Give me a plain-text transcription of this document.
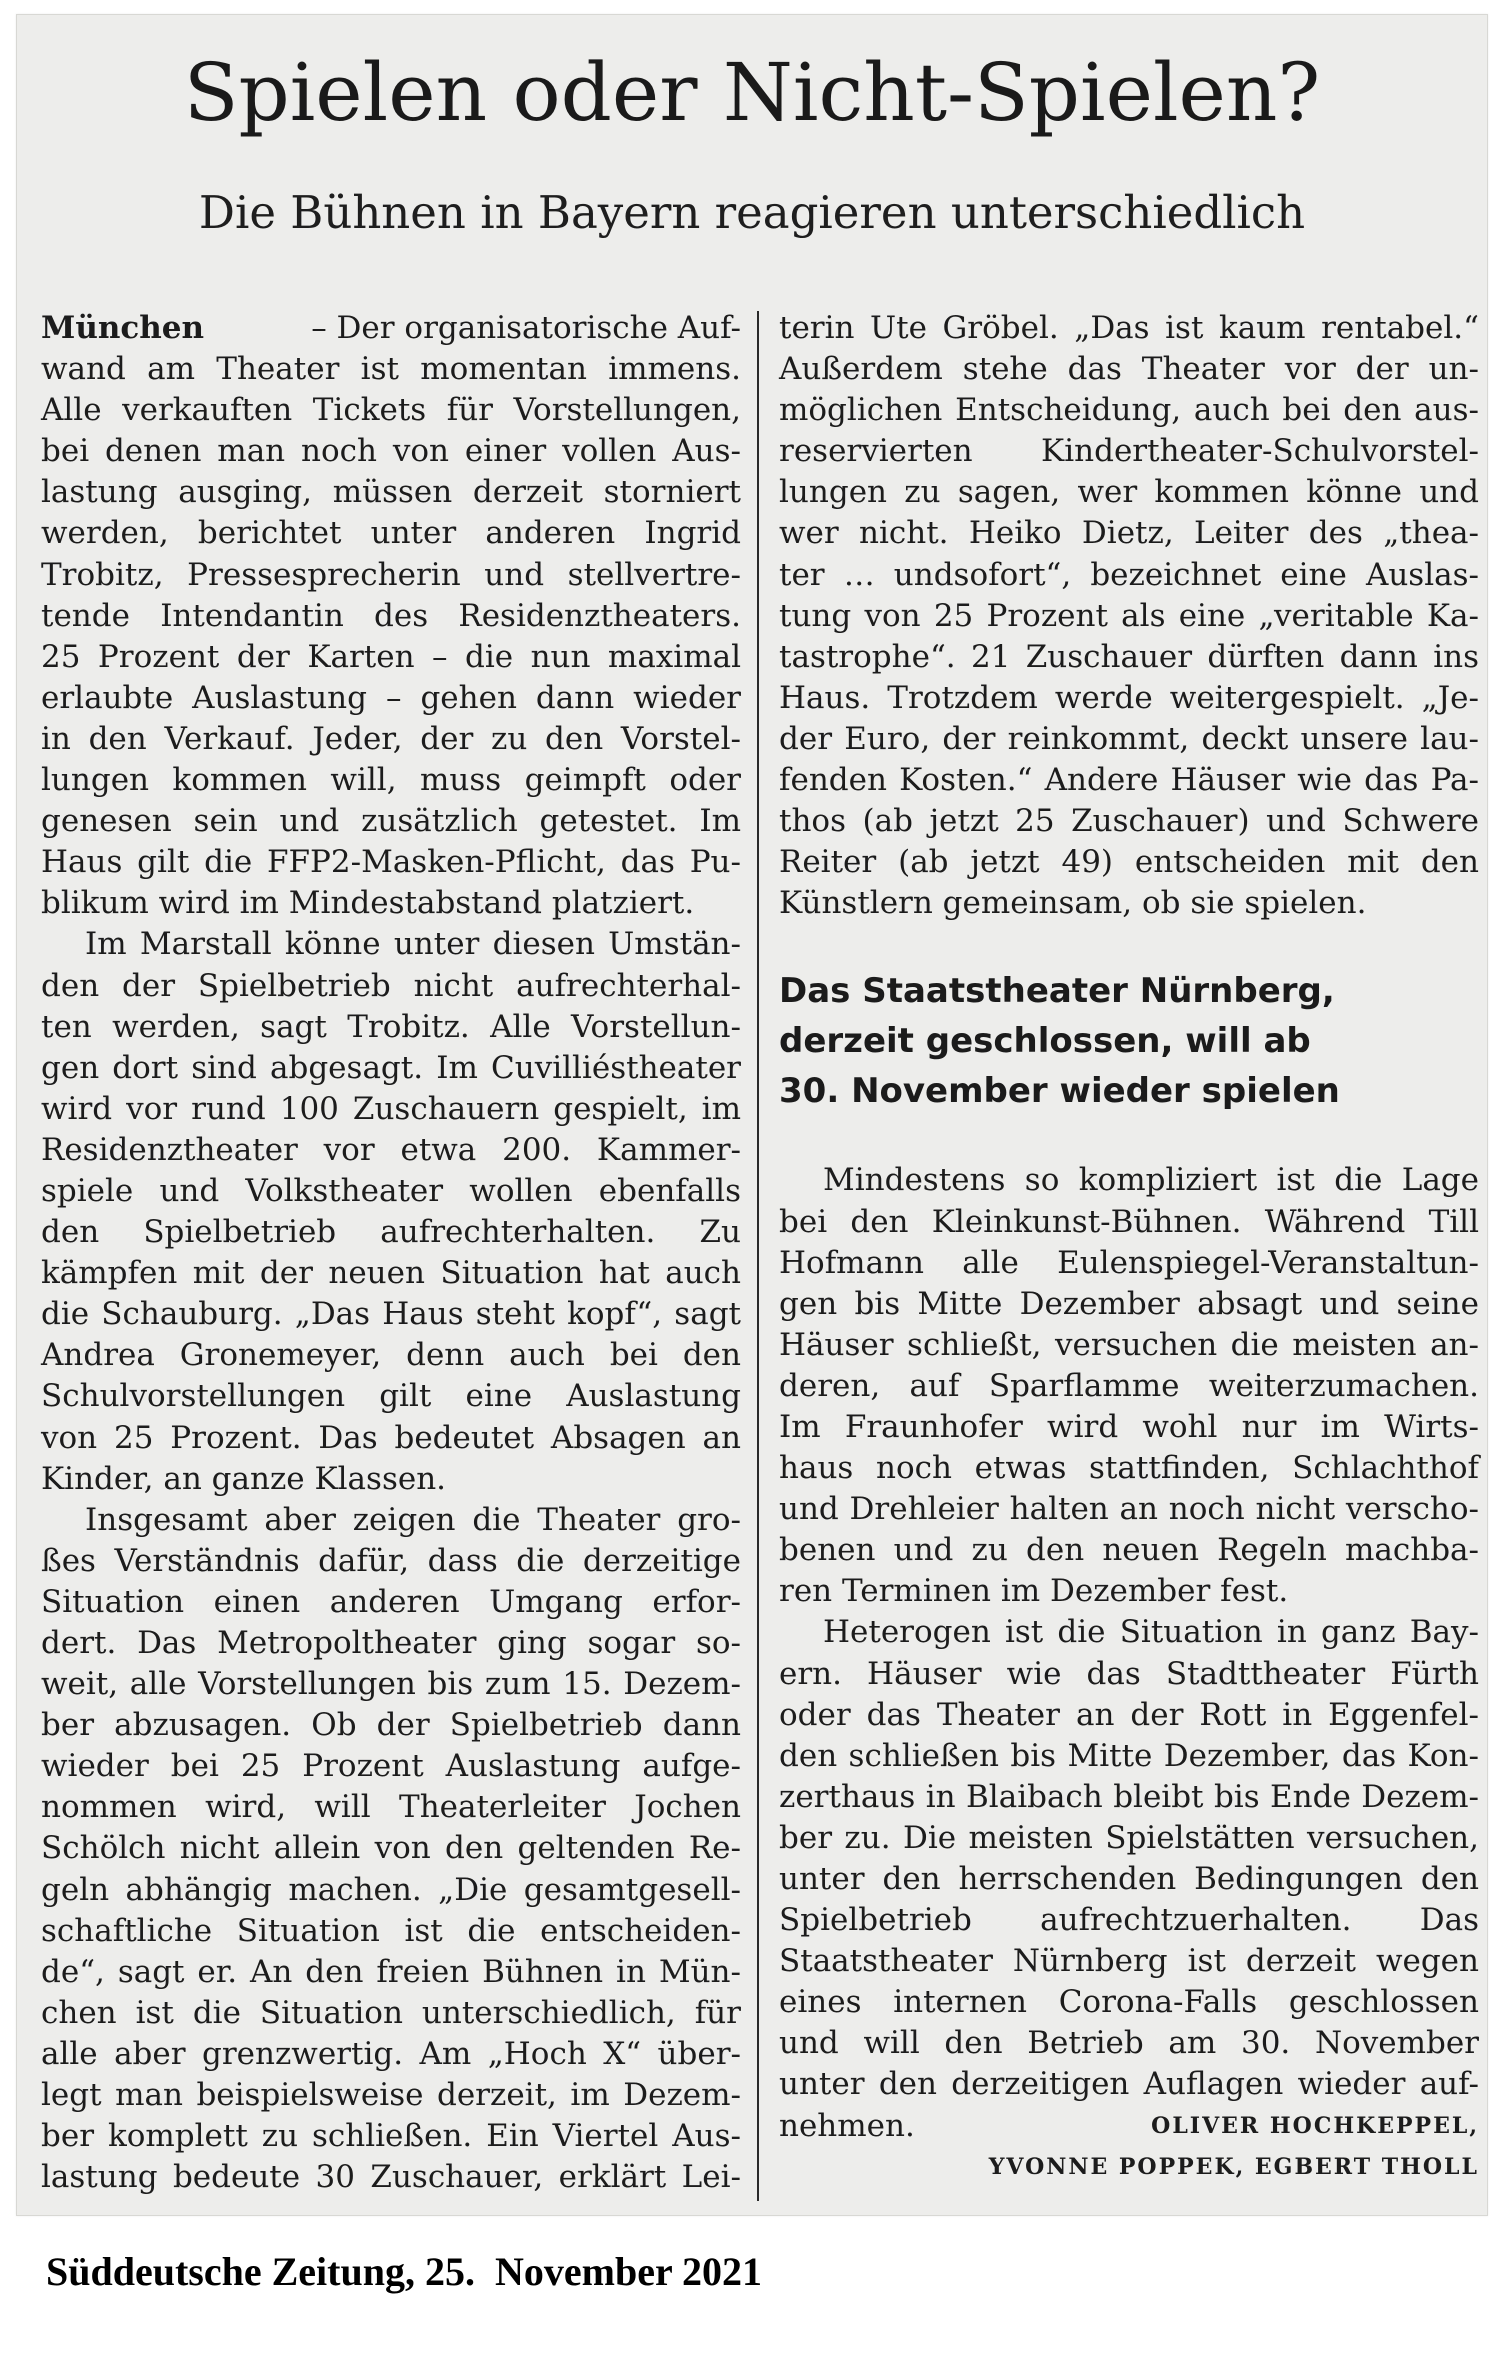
Spielen oder Nicht-Spielen?
Die Bühnen in Bayern reagieren unterschiedlich
München	– Der organisatorische Auf-
wand am Theater ist momentan immens.
Alle verkauften Tickets für Vorstellungen,
bei denen man noch von einer vollen Aus-
lastung ausging, müssen derzeit storniert
werden, berichtet unter anderen Ingrid
Trobitz, Pressesprecherin und stellvertre-
tende Intendantin des Residenztheaters.
25 Prozent der Karten – die nun maximal
erlaubte Auslastung – gehen dann wieder
in den Verkauf. Jeder, der zu den Vorstel-
lungen kommen will, muss geimpft oder
genesen sein und zusätzlich getestet. Im
Haus gilt die FFP2-Masken-Pflicht, das Pu-
blikum wird im Mindestabstand platziert.
Im Marstall könne unter diesen Umstän-
den der Spielbetrieb nicht aufrechterhal-
ten werden, sagt Trobitz. Alle Vorstellun-
gen dort sind abgesagt. Im Cuvilliéstheater
wird vor rund 100 Zuschauern gespielt, im
Residenztheater vor etwa 200. Kammer-
spiele und Volkstheater wollen ebenfalls
den Spielbetrieb aufrechterhalten. Zu
kämpfen mit der neuen Situation hat auch
die Schauburg. „Das Haus steht kopf“, sagt
Andrea Gronemeyer, denn auch bei den
Schulvorstellungen gilt eine Auslastung
von 25 Prozent. Das bedeutet Absagen an
Kinder, an ganze Klassen.
Insgesamt aber zeigen die Theater gro-
ßes Verständnis dafür, dass die derzeitige
Situation einen anderen Umgang erfor-
dert. Das Metropoltheater ging sogar so-
weit, alle Vorstellungen bis zum 15. Dezem-
ber abzusagen. Ob der Spielbetrieb dann
wieder bei 25 Prozent Auslastung aufge-
nommen wird, will Theaterleiter Jochen
Schölch nicht allein von den geltenden Re-
geln abhängig machen. „Die gesamtgesell-
schaftliche Situation ist die entscheiden-
de“, sagt er. An den freien Bühnen in Mün-
chen ist die Situation unterschiedlich, für
alle aber grenzwertig. Am „Hoch X“ über-
legt man beispielsweise derzeit, im Dezem-
ber komplett zu schließen. Ein Viertel Aus-
lastung bedeute 30 Zuschauer, erklärt Lei-
terin Ute Gröbel. „Das ist kaum rentabel.“
Außerdem stehe das Theater vor der un-
möglichen Entscheidung, auch bei den aus-
reservierten Kindertheater-Schulvorstel-
lungen zu sagen, wer kommen könne und
wer nicht. Heiko Dietz, Leiter des „thea-
ter … undsofort“, bezeichnet eine Auslas-
tung von 25 Prozent als eine „veritable Ka-
tastrophe“. 21 Zuschauer dürften dann ins
Haus. Trotzdem werde weitergespielt. „Je-
der Euro, der reinkommt, deckt unsere lau-
fenden Kosten.“ Andere Häuser wie das Pa-
thos (ab jetzt 25 Zuschauer) und Schwere
Reiter (ab jetzt 49) entscheiden mit den
Künstlern gemeinsam, ob sie spielen.
Das Staatstheater Nürnberg,
derzeit geschlossen, will ab
30. November wieder spielen
Mindestens so kompliziert ist die Lage
bei den Kleinkunst-Bühnen. Während Till
Hofmann alle Eulenspiegel-Veranstaltun-
gen bis Mitte Dezember absagt und seine
Häuser schließt, versuchen die meisten an-
deren, auf Sparflamme weiterzumachen.
Im Fraunhofer wird wohl nur im Wirts-
haus noch etwas stattfinden, Schlachthof
und Drehleier halten an noch nicht verscho-
benen und zu den neuen Regeln machba-
ren Terminen im Dezember fest.
Heterogen ist die Situation in ganz Bay-
ern. Häuser wie das Stadttheater Fürth
oder das Theater an der Rott in Eggenfel-
den schließen bis Mitte Dezember, das Kon-
zerthaus in Blaibach bleibt bis Ende Dezem-
ber zu. Die meisten Spielstätten versuchen,
unter den herrschenden Bedingungen den
Spielbetrieb aufrechtzuerhalten. Das
Staatstheater Nürnberg ist derzeit wegen
eines internen Corona-Falls geschlossen
und will den Betrieb am 30. November
unter den derzeitigen Auflagen wieder auf-
nehmen.	OLIVER HOCHKEPPEL,
YVONNE POPPEK, EGBERT THOLL

Süddeutsche Zeitung, 25.  November 2021
